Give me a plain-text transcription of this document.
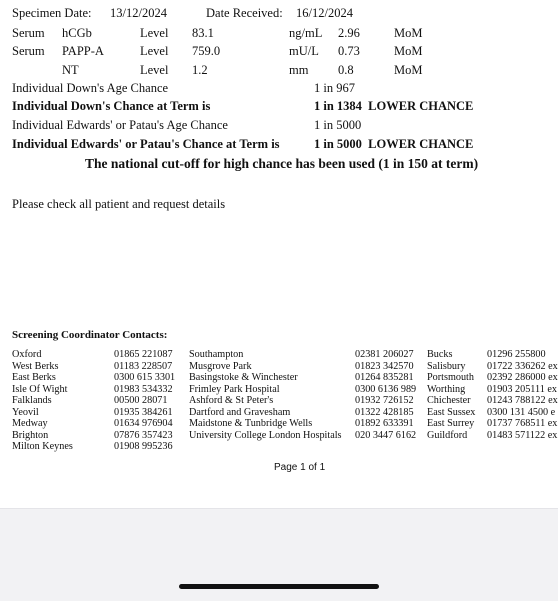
Specimen Date: 13/12/2024	Date Received: 16/12/2024
Serum hCGb	Level 83.1	ng/mL 2.96	MoM
Serum PAPP-A	Level 759.0	mU/L 0.73	MoM
NT	Level 1.2	mm 0.8	MoM
Individual Down's Age Chance	1 in 967
Individual Down's Chance at Term is	1 in 1384  LOWER CHANCE
Individual Edwards' or Patau's Age Chance	1 in 5000
Individual Edwards' or Patau's Chance at Term is	1 in 5000  LOWER CHANCE
The national cut-off for high chance has been used (1 in 150 at term)
Please check all patient and request details
Screening Coordinator Contacts:
Oxford	01865 221087
West Berks	01183 228507
East Berks	0300 615 3301
Isle Of Wight	01983 534332
Falklands	00500 28071
Yeovil	01935 384261
Medway	01634 976904
Brighton	07876 357423
Milton Keynes	01908 995236
Southampton	02381 206027
Musgrove Park	01823 342570
Basingstoke & Winchester	01264 835281
Frimley Park Hospital	0300 6136 989
Ashford & St Peter's	01932 726152
Dartford and Gravesham	01322 428185
Maidstone & Tunbridge Wells	01892 633391
University College London Hospitals 020 3447 6162
Bucks	01296 255800
Salisbury 01722 336262 ex
Portsmouth 02392 286000 ex
Worthing 01903 205111 ex
Chichester 01243 788122 ex
East Sussex 0300 131 4500 e
East Surrey 01737 768511 ex
Guildford 01483 571122 ex
Page 1 of 1
